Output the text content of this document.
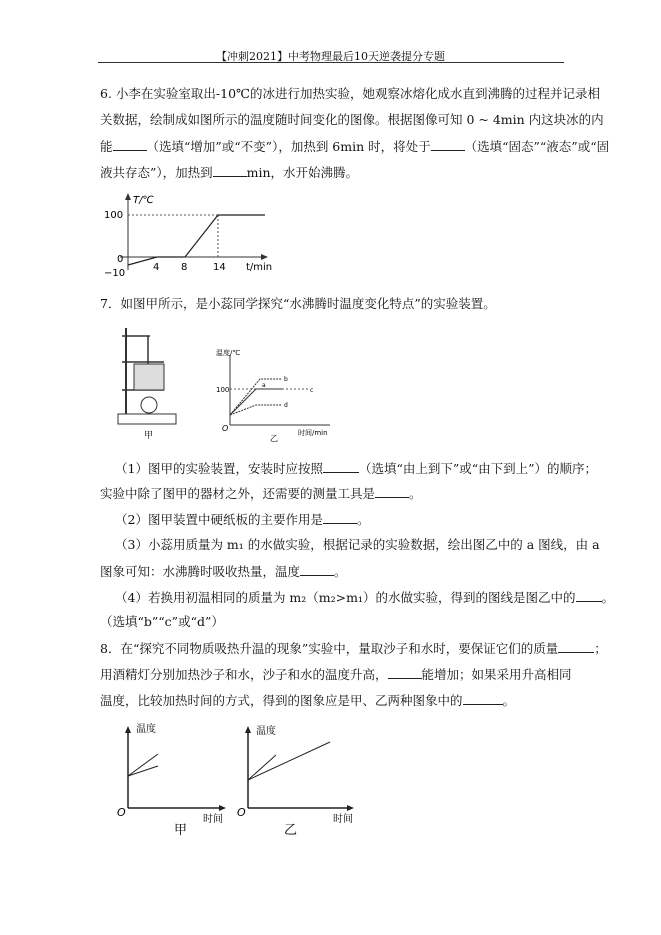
【冲刺2021】中考物理最后10天逆袭提分专题
6. 小李在实验室取出-10℃的冰进行加热实验，她观察冰熔化成水直到沸腾的过程并记录相
关数据，绘制成如图所示的温度随时间变化的图像。根据图像可知 0 ~ 4min 内这块冰的内
能	（选填“增加”或“不变”），加热到 6min 时，将处于	（选填“固态”“液态”或“固
液共存态”），加热到	min，水开始沸腾。
T/℃
t/min
100
0
−10
4 8	14
7．如图甲所示，是小蕊同学探究“水沸腾时温度变化特点”的实验装置。
甲
温度/℃
时间/min
100
O
a
b
c
d
乙
（1）图甲的实验装置，安装时应按照	（选填“由上到下”或“由下到上”）的顺序；
实验中除了图甲的器材之外，还需要的测量工具是	。
（2）图甲装置中硬纸板的主要作用是	。
（3）小蕊用质量为 m₁ 的水做实验，根据记录的实验数据，绘出图乙中的 a 图线，由 a
图象可知：水沸腾时吸收热量，温度	。
（4）若换用初温相同的质量为 m₂（m₂>m₁）的水做实验，得到的图线是图乙中的 。
（选填“b”“c”或“d”）
8．在“探究不同物质吸热升温的现象”实验中，量取沙子和水时，要保证它们的质量	；
用酒精灯分别加热沙子和水，沙子和水的温度升高，	能增加；如果采用升高相同
温度，比较加热时间的方式，得到的图象应是甲、乙两种图象中的	。
温度
时间
O
甲
温度
时间
O
乙
